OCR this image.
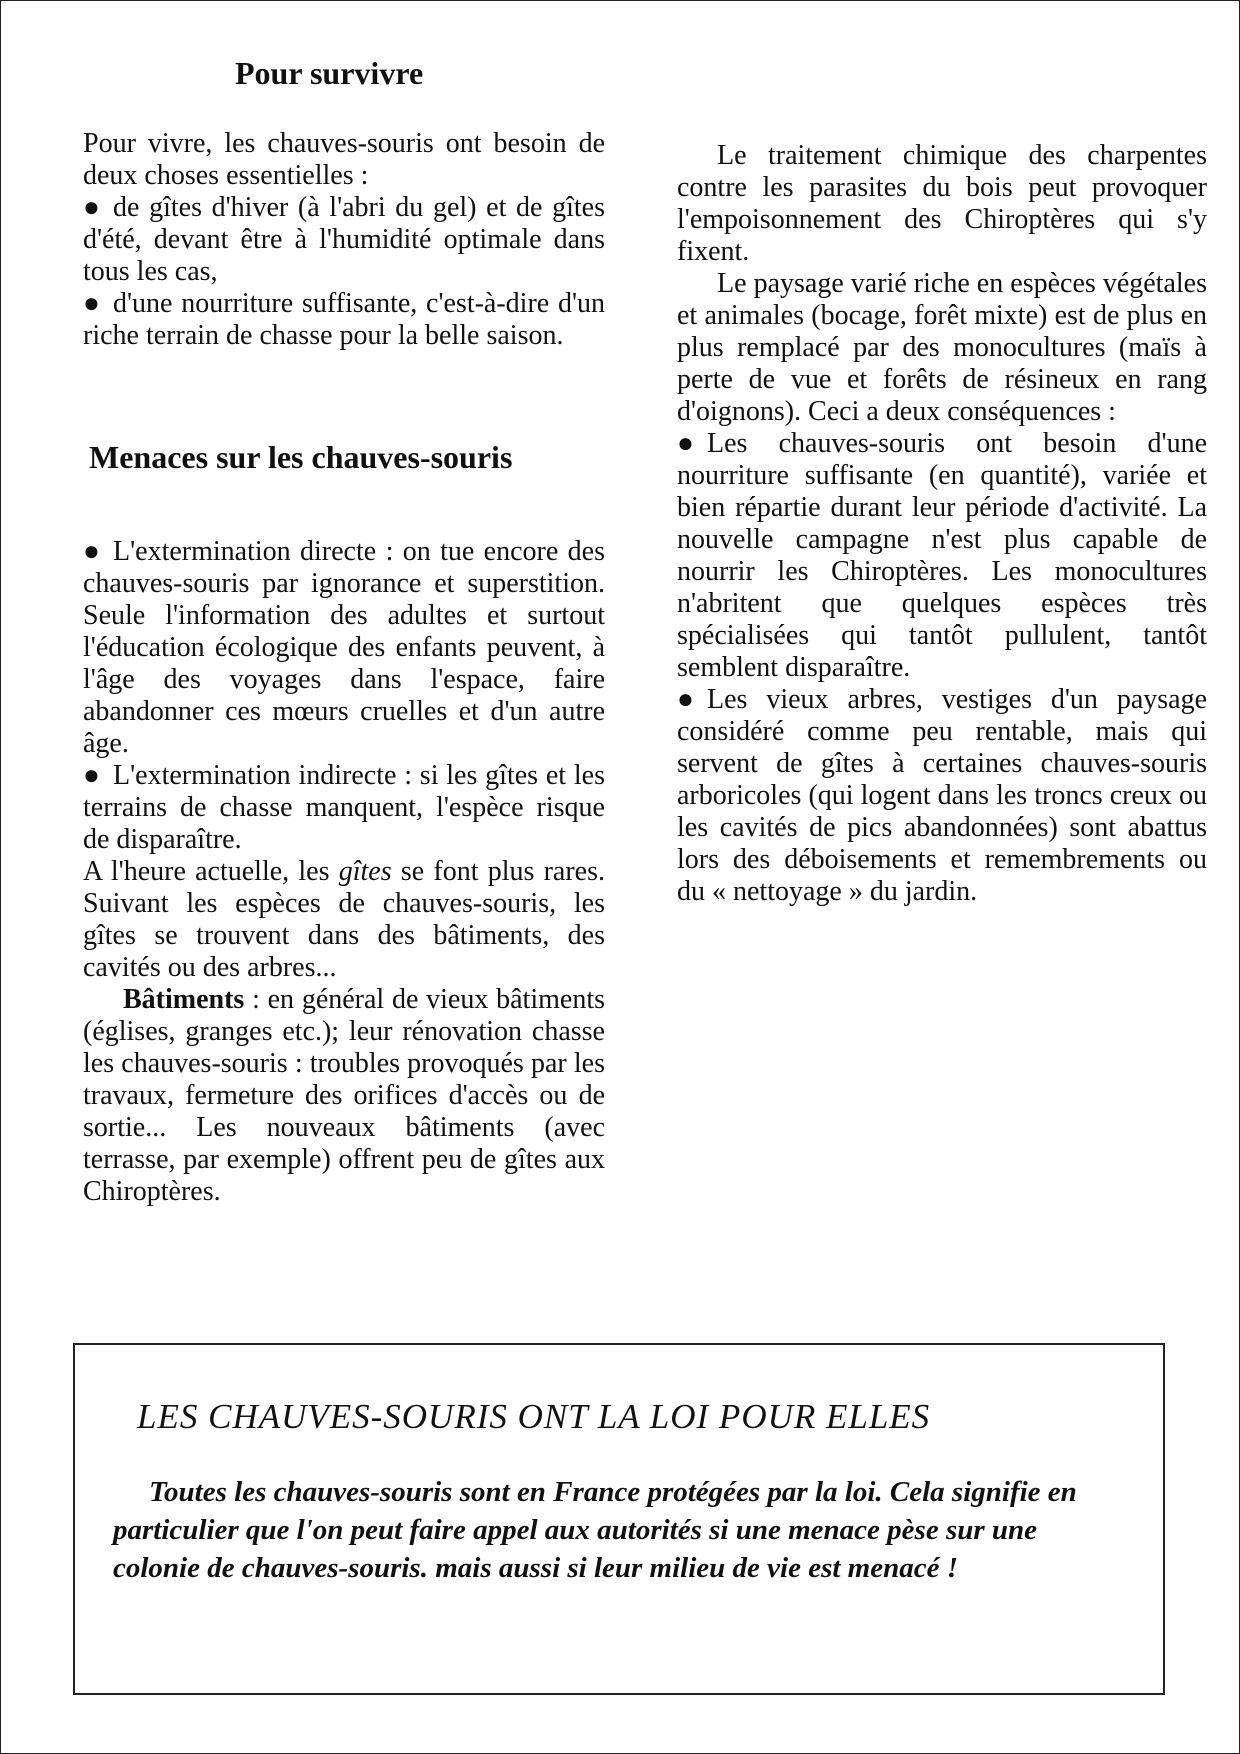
Pour survivre

Pour vivre, les chauves-souris ont besoin de deux choses essentielles :

● de gîtes d'hiver (à l'abri du gel) et de gîtes d'été, devant être à l'humidité optimale dans tous les cas,

● d'une nourriture suffisante, c'est-à-dire d'un riche terrain de chasse pour la belle saison.

Menaces sur les chauves-souris

● L'extermination directe : on tue encore des chauves-souris par ignorance et superstition. Seule l'information des adultes et surtout l'éducation écologique des enfants peuvent, à l'âge des voyages dans l'espace, faire abandonner ces mœurs cruelles et d'un autre âge.

● L'extermination indirecte : si les gîtes et les terrains de chasse manquent, l'espèce risque de disparaître.

A l'heure actuelle, les gîtes se font plus rares. Suivant les espèces de chauves-souris, les gîtes se trouvent dans des bâtiments, des cavités ou des arbres...

Bâtiments : en général de vieux bâtiments (églises, granges etc.); leur rénovation chasse les chauves-souris : troubles provoqués par les travaux, fermeture des orifices d'accès ou de sortie... Les nouveaux bâtiments (avec terrasse, par exemple) offrent peu de gîtes aux Chiroptères.

Le traitement chimique des charpentes contre les parasites du bois peut provoquer l'empoisonnement des Chiroptères qui s'y fixent.

Le paysage varié riche en espèces végétales et animales (bocage, forêt mixte) est de plus en plus remplacé par des monocultures (maïs à perte de vue et forêts de résineux en rang d'oignons). Ceci a deux conséquences :

● Les chauves-souris ont besoin d'une nourriture suffisante (en quantité), variée et bien répartie durant leur période d'activité. La nouvelle campagne n'est plus capable de nourrir les Chiroptères. Les monocultures n'abritent que quelques espèces très spécialisées qui tantôt pullulent, tantôt semblent disparaître.

● Les vieux arbres, vestiges d'un paysage considéré comme peu rentable, mais qui servent de gîtes à certaines chauves-souris arboricoles (qui logent dans les troncs creux ou les cavités de pics abandonnées) sont abattus lors des déboisements et remembrements ou du « nettoyage » du jardin.

LES CHAUVES-SOURIS ONT LA LOI POUR ELLES

Toutes les chauves-souris sont en France protégées par la loi. Cela signifie en particulier que l'on peut faire appel aux autorités si une menace pèse sur une colonie de chauves-souris. mais aussi si leur milieu de vie est menacé !
